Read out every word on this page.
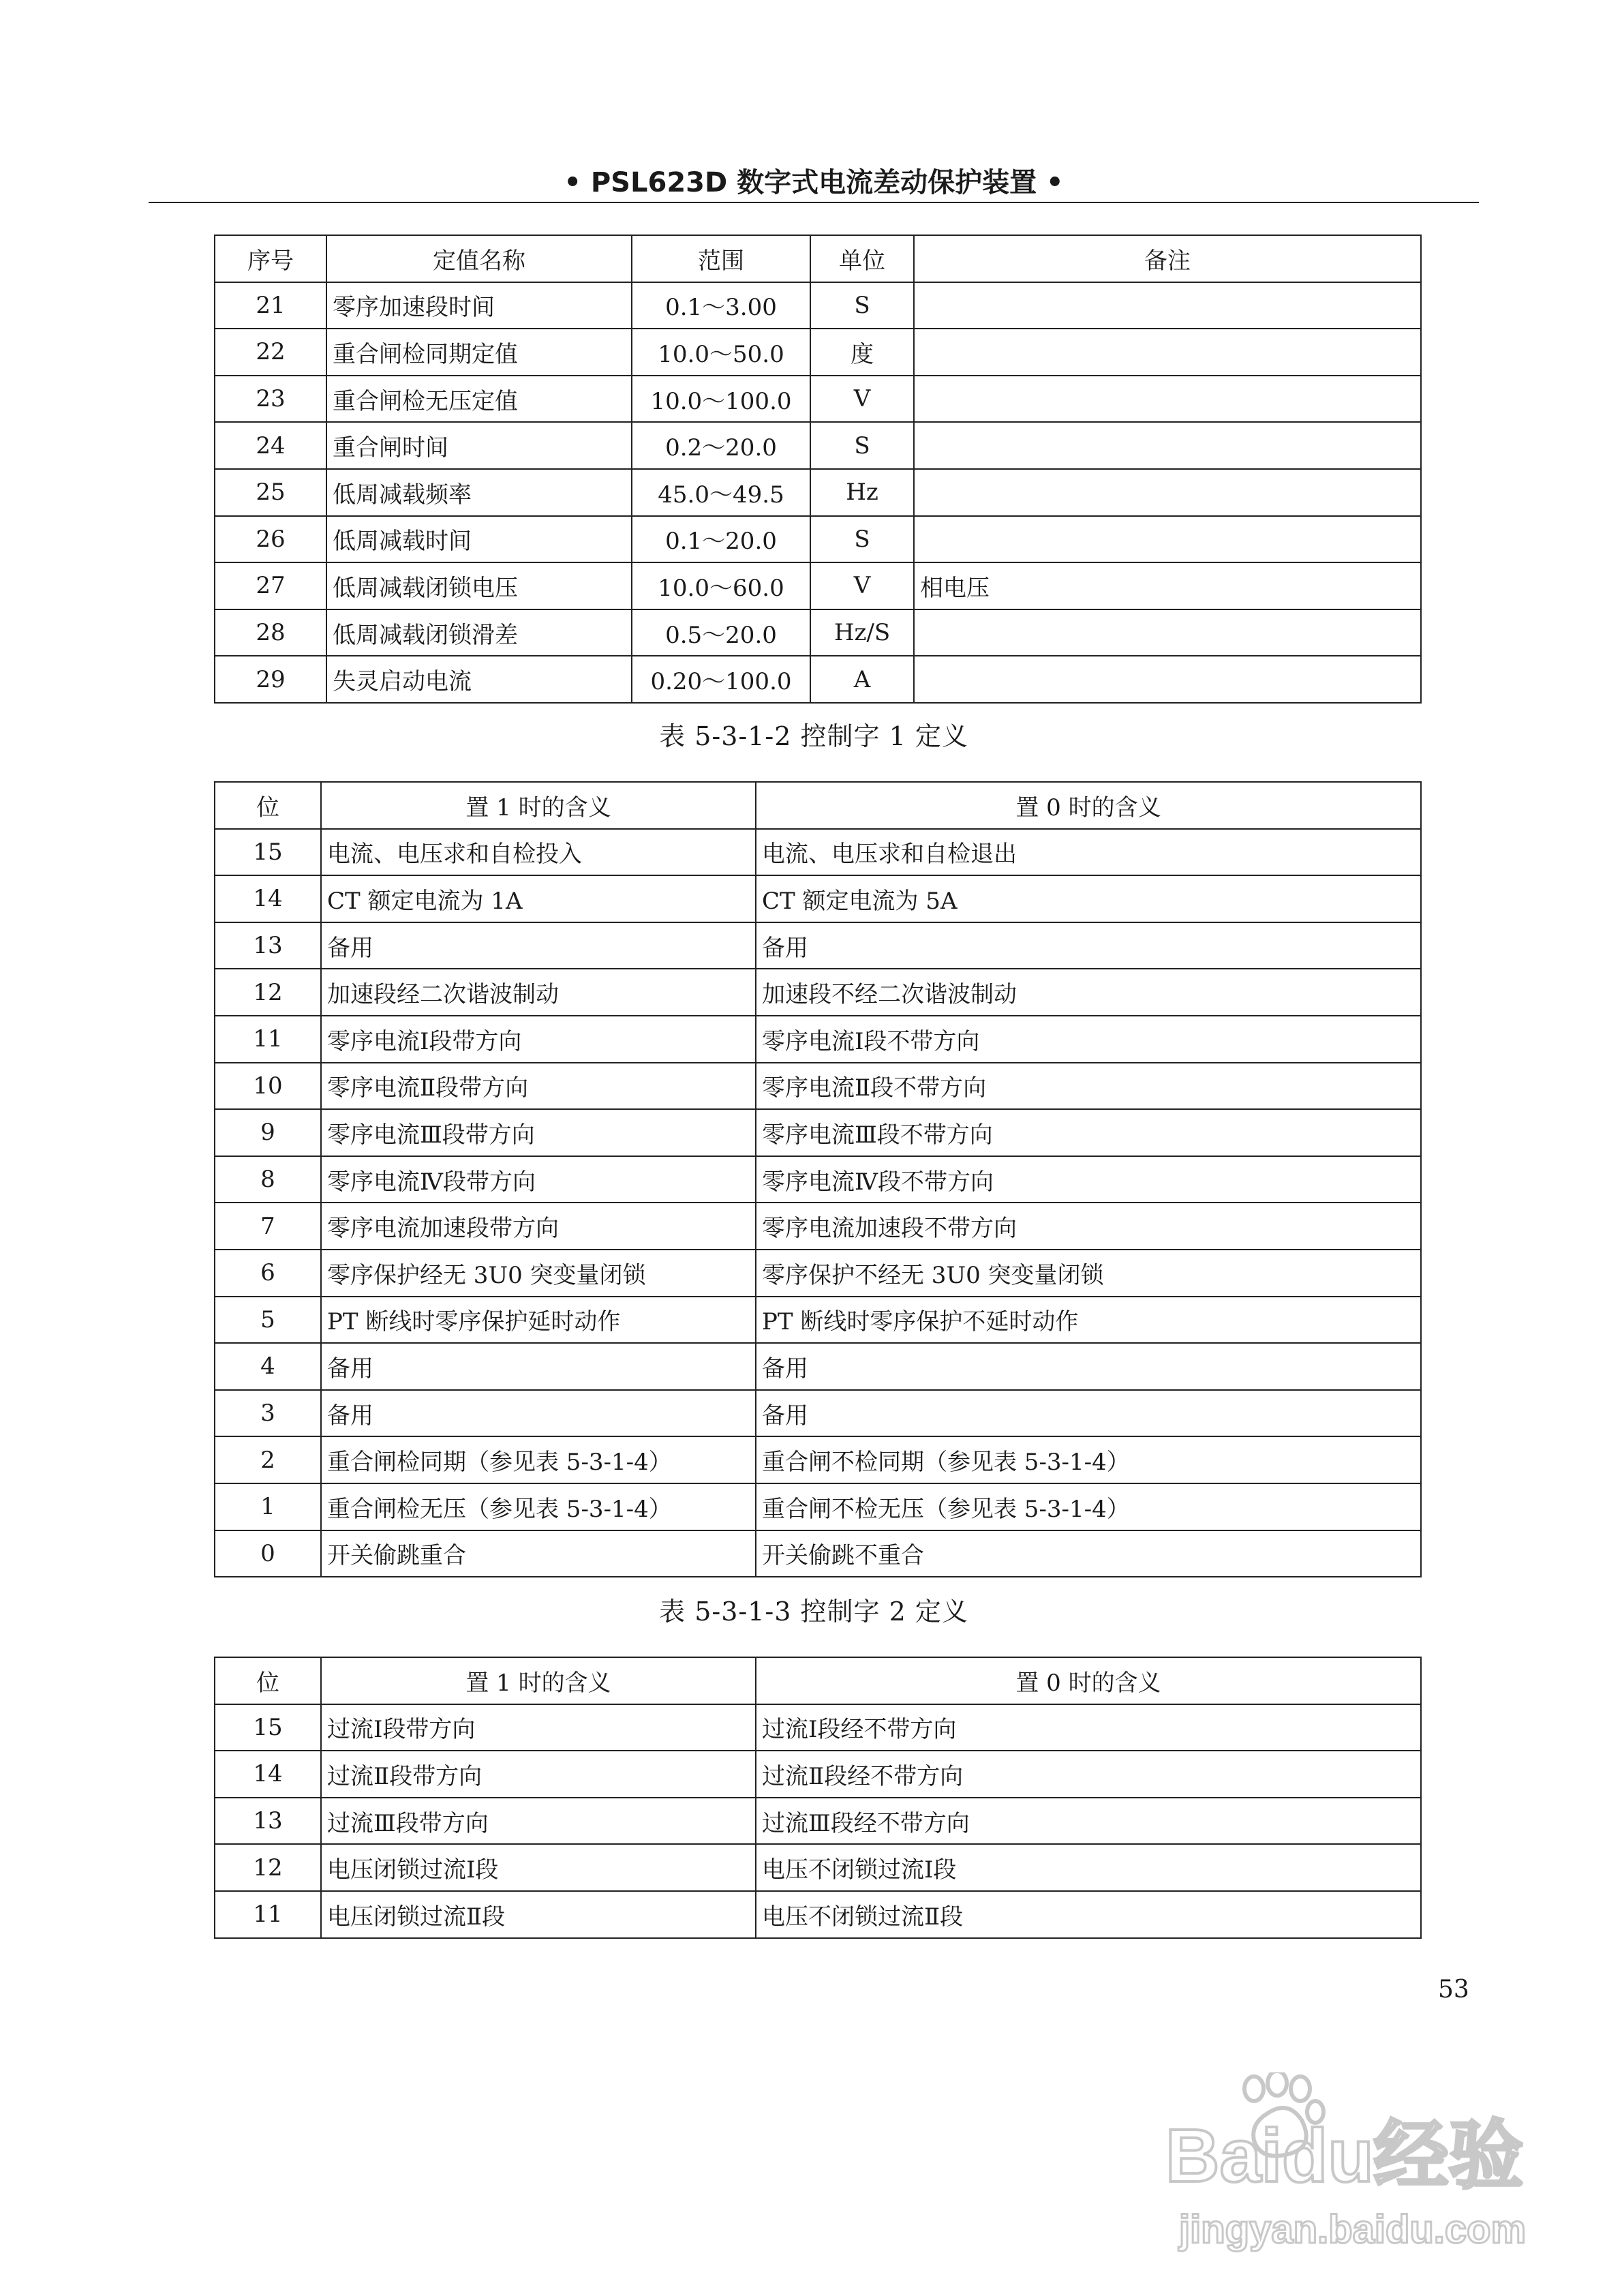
• PSL623D 数字式电流差动保护装置 •
序号	定值名称	范围	单位	备注
21	零序加速段时间	0.1～3.00	S	
22	重合闸检同期定值	10.0～50.0	度	
23	重合闸检无压定值	10.0～100.0	V	
24	重合闸时间	0.2～20.0	S	
25	低周减载频率	45.0～49.5	Hz	
26	低周减载时间	0.1～20.0	S	
27	低周减载闭锁电压	10.0～60.0	V	相电压
28	低周减载闭锁滑差	0.5～20.0	Hz/S	
29	失灵启动电流	0.20～100.0	A	
表 5-3-1-2 控制字 1 定义
位	置 1 时的含义	置 0 时的含义
15	电流、电压求和自检投入	电流、电压求和自检退出
14	CT 额定电流为 1A	CT 额定电流为 5A
13	备用	备用
12	加速段经二次谐波制动	加速段不经二次谐波制动
11	零序电流Ⅰ段带方向	零序电流Ⅰ段不带方向
10	零序电流Ⅱ段带方向	零序电流Ⅱ段不带方向
9	零序电流Ⅲ段带方向	零序电流Ⅲ段不带方向
8	零序电流Ⅳ段带方向	零序电流Ⅳ段不带方向
7	零序电流加速段带方向	零序电流加速段不带方向
6	零序保护经无 3U0 突变量闭锁	零序保护不经无 3U0 突变量闭锁
5	PT 断线时零序保护延时动作	PT 断线时零序保护不延时动作
4	备用	备用
3	备用	备用
2	重合闸检同期（参见表 5-3-1-4）	重合闸不检同期（参见表 5-3-1-4）
1	重合闸检无压（参见表 5-3-1-4）	重合闸不检无压（参见表 5-3-1-4）
0	开关偷跳重合	开关偷跳不重合
表 5-3-1-3 控制字 2 定义
位	置 1 时的含义	置 0 时的含义
15	过流Ⅰ段带方向	过流Ⅰ段经不带方向
14	过流Ⅱ段带方向	过流Ⅱ段经不带方向
13	过流Ⅲ段带方向	过流Ⅲ段经不带方向
12	电压闭锁过流Ⅰ段	电压不闭锁过流Ⅰ段
11	电压闭锁过流Ⅱ段	电压不闭锁过流Ⅱ段
53
Baidu经验
jingyan.baidu.com
